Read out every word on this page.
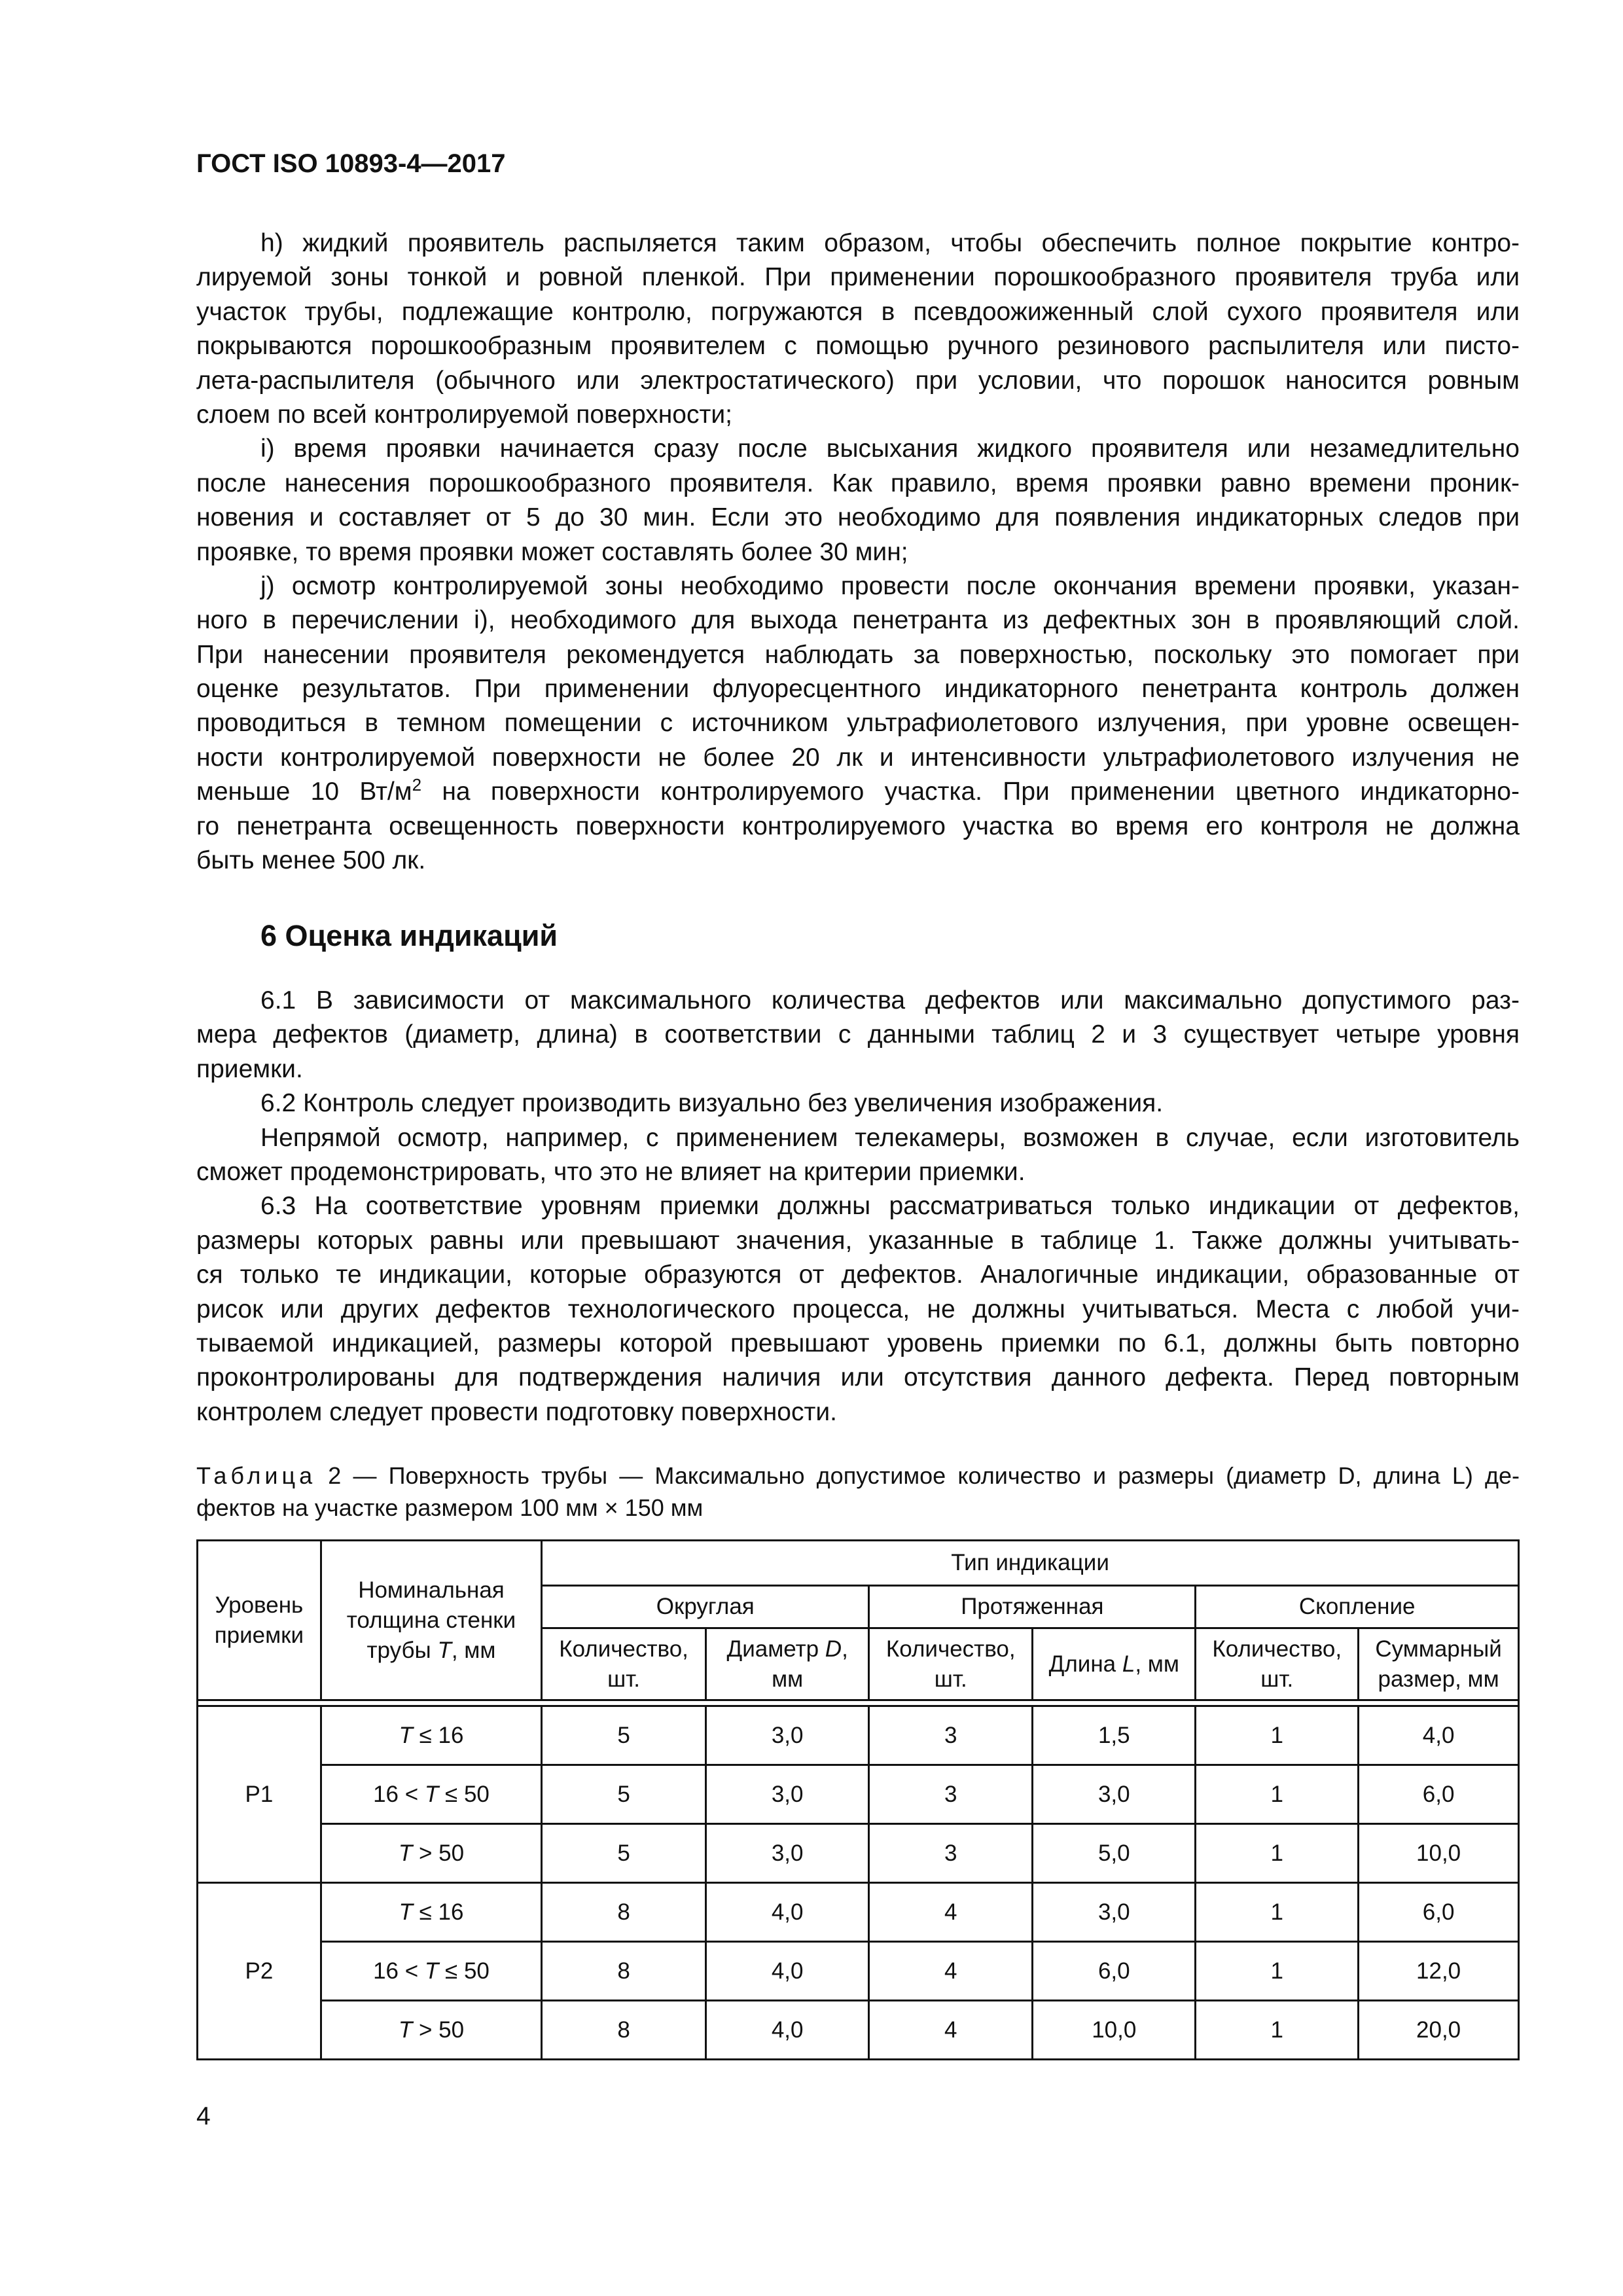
ГОСТ ISO 10893-4—2017
h) жидкий проявитель распыляется таким образом, чтобы обеспечить полное покрытие контро-
лируемой зоны тонкой и ровной пленкой. При применении порошкообразного проявителя труба или
участок трубы, подлежащие контролю, погружаются в псевдоожиженный слой сухого проявителя или
покрываются порошкообразным проявителем с помощью ручного резинового распылителя или писто-
лета-распылителя (обычного или электростатического) при условии, что порошок наносится ровным
слоем по всей контролируемой поверхности;
i) время проявки начинается сразу после высыхания жидкого проявителя или незамедлительно
после нанесения порошкообразного проявителя. Как правило, время проявки равно времени проник-
новения и составляет от 5 до 30 мин. Если это необходимо для появления индикаторных следов при
проявке, то время проявки может составлять более 30 мин;
j) осмотр контролируемой зоны необходимо провести после окончания времени проявки, указан-
ного в перечислении i), необходимого для выхода пенетранта из дефектных зон в проявляющий слой.
При нанесении проявителя рекомендуется наблюдать за поверхностью, поскольку это помогает при
оценке результатов. При применении флуоресцентного индикаторного пенетранта контроль должен
проводиться в темном помещении с источником ультрафиолетового излучения, при уровне освещен-
ности контролируемой поверхности не более 20 лк и интенсивности ультрафиолетового излучения не
меньше 10 $Вт/м^2$ на поверхности контролируемого участка. При применении цветного индикаторно-
го пенетранта освещенность поверхности контролируемого участка во время его контроля не должна
быть менее 500 лк.
6 Оценка индикаций
6.1 В зависимости от максимального количества дефектов или максимально допустимого раз-
мера дефектов (диаметр, длина) в соответствии с данными таблиц 2 и 3 существует четыре уровня
приемки.
6.2 Контроль следует производить визуально без увеличения изображения.
Непрямой осмотр, например, с применением телекамеры, возможен в случае, если изготовитель
сможет продемонстрировать, что это не влияет на критерии приемки.
6.3 На соответствие уровням приемки должны рассматриваться только индикации от дефектов,
размеры которых равны или превышают значения, указанные в таблице 1. Также должны учитывать-
ся только те индикации, которые образуются от дефектов. Аналогичные индикации, образованные от
рисок или других дефектов технологического процесса, не должны учитываться. Места с любой учи-
тываемой индикацией, размеры которой превышают уровень приемки по 6.1, должны быть повторно
проконтролированы для подтверждения наличия или отсутствия данного дефекта. Перед повторным
контролем следует провести подготовку поверхности.
Таблица 2 — Поверхность трубы — Максимально допустимое количество и размеры (диаметр D, длина L) де-
фектов на участке размером 100 мм × 150 мм
Уровень приемки	Номинальная толщина стенки трубы T, мм	Тип индикации					
		Округлая		Протяженная		Скопление	
		Количество, шт.	Диаметр D, мм	Количество, шт.	Длина L, мм	Количество, шт.	Суммарный размер, мм

P1	T ≤ 16	5	3,0	3	1,5	1	4,0
	16 < T ≤ 50	5	3,0	3	3,0	1	6,0
	T > 50	5	3,0	3	5,0	1	10,0
P2	T ≤ 16	8	4,0	4	3,0	1	6,0
	16 < T ≤ 50	8	4,0	4	6,0	1	12,0
	T > 50	8	4,0	4	10,0	1	20,0
4
